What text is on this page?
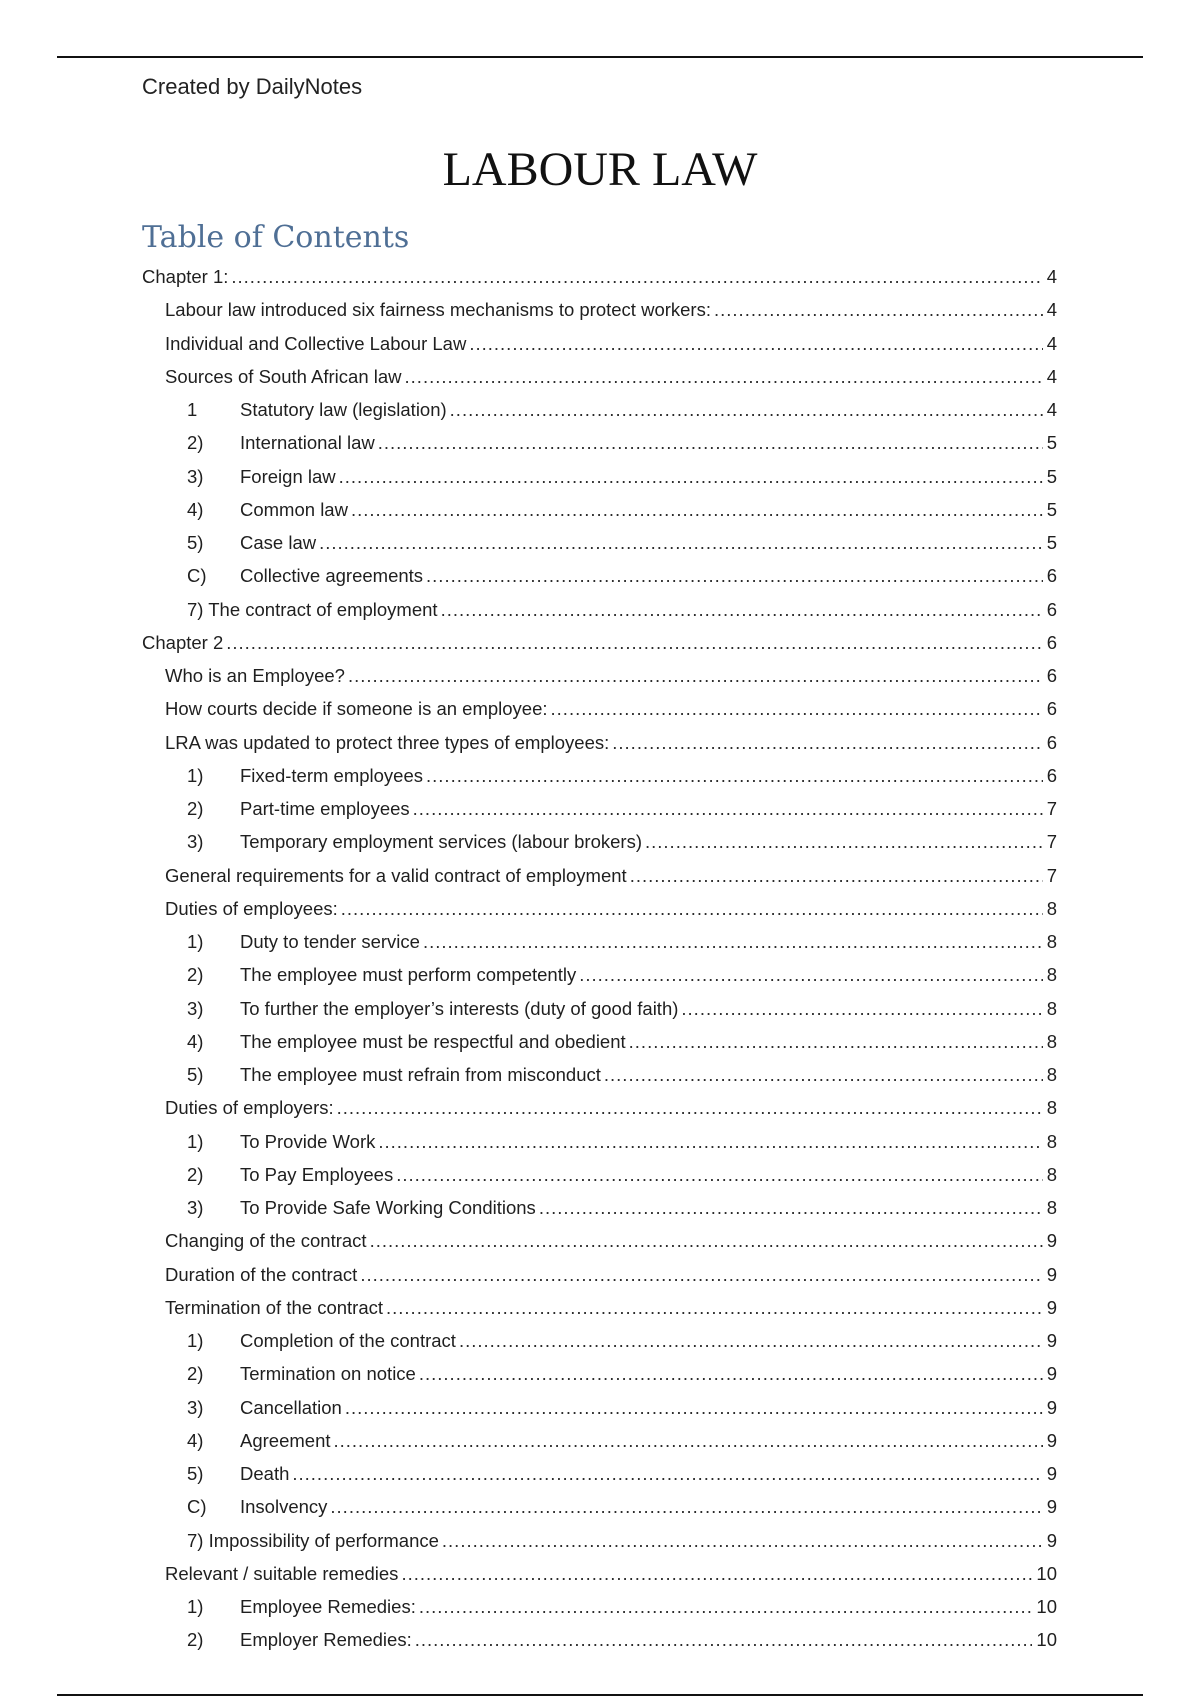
Created by DailyNotes
LABOUR LAW
Table of Contents
Chapter 1: .....	4
Labour law introduced six fairness mechanisms to protect workers: .....	4
Individual and Collective Labour Law .....	4
Sources of South African law .....	4
1	Statutory law (legislation) .....	4
2)	International law .....	5
3)	Foreign law .....	5
4)	Common law .....	5
5)	Case law .....	5
C)	Collective agreements .....	6
7) The contract of employment .....	6
Chapter 2 .....	6
Who is an Employee? .....	6
How courts decide if someone is an employee: .....	6
LRA was updated to protect three types of employees: .....	6
1)	Fixed-term employees .....	6
2)	Part-time employees .....	7
3)	Temporary employment services (labour brokers) .....	7
General requirements for a valid contract of employment .....	7
Duties of employees: .....	8
1)	Duty to tender service .....	8
2)	The employee must perform competently .....	8
3)	To further the employer’s interests (duty of good faith) .....	8
4)	The employee must be respectful and obedient .....	8
5)	The employee must refrain from misconduct .....	8
Duties of employers: .....	8
1)	To Provide Work .....	8
2)	To Pay Employees .....	8
3)	To Provide Safe Working Conditions .....	8
Changing of the contract .....	9
Duration of the contract .....	9
Termination of the contract .....	9
1)	Completion of the contract .....	9
2)	Termination on notice .....	9
3)	Cancellation .....	9
4)	Agreement .....	9
5)	Death .....	9
C)	Insolvency .....	9
7) Impossibility of performance .....	9
Relevant / suitable remedies .....	10
1)	Employee Remedies: .....	10
2)	Employer Remedies: .....	10
